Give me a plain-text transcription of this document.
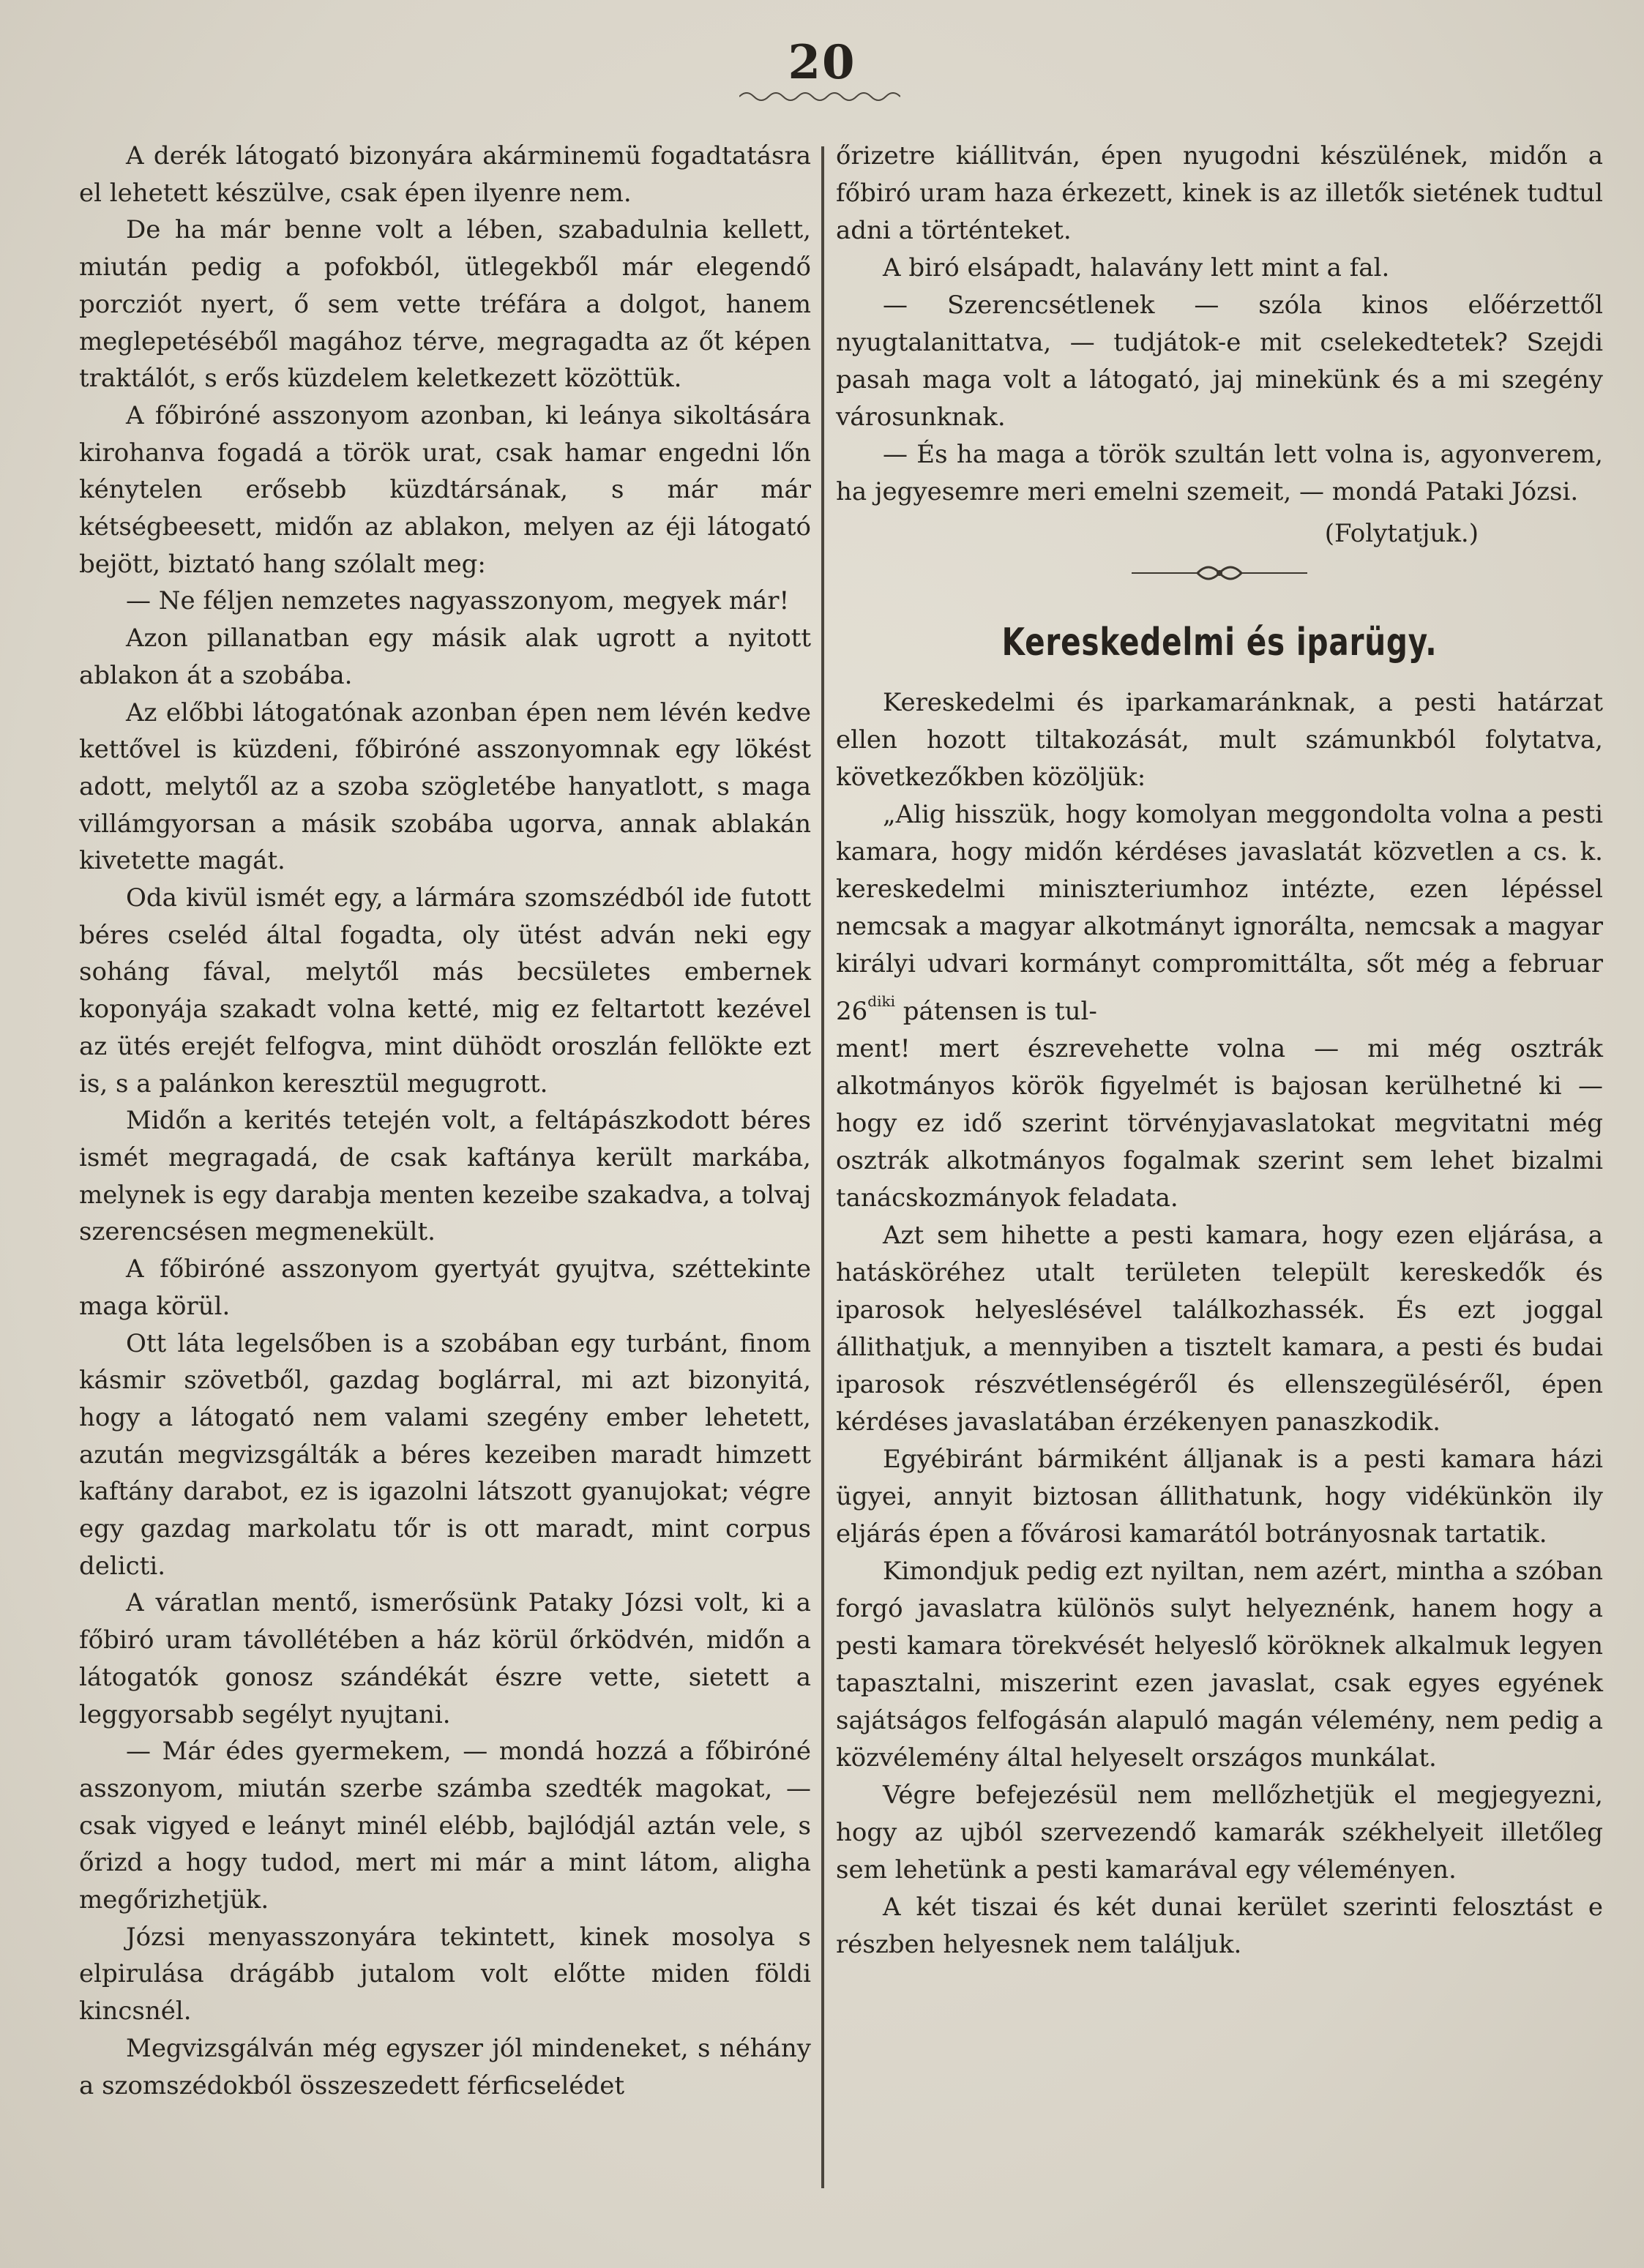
20

A derék látogató bizonyára akárminemü fogadtatásra el lehetett készülve, csak épen ilyenre nem.

De ha már benne volt a lében, szabadulnia kellett, miután pedig a pofokból, ütlegekből már elegendő porcziót nyert, ő sem vette tréfára a dolgot, hanem meglepetéséből magához térve, megragadta az őt képen traktálót, s erős küzdelem keletkezett közöttük.

A főbiróné asszonyom azonban, ki leánya sikoltására kirohanva fogadá a török urat, csak hamar engedni lőn kénytelen erősebb küzdtársának, s már már kétségbeesett, midőn az ablakon, melyen az éji látogató bejött, biztató hang szólalt meg:

— Ne féljen nemzetes nagyasszonyom, megyek már!

Azon pillanatban egy másik alak ugrott a nyitott ablakon át a szobába.

Az előbbi látogatónak azonban épen nem lévén kedve kettővel is küzdeni, főbiróné asszonyomnak egy lökést adott, melytől az a szoba szögletébe hanyatlott, s maga villámgyorsan a másik szobába ugorva, annak ablakán kivetette magát.

Oda kivül ismét egy, a lármára szomszédból ide futott béres cseléd által fogadta, oly ütést adván neki egy soháng fával, melytől más becsületes embernek koponyája szakadt volna ketté, mig ez feltartott kezével az ütés erejét felfogva, mint dühödt oroszlán fellökte ezt is, s a palánkon keresztül megugrott.

Midőn a kerités tetején volt, a feltápászkodott béres ismét megragadá, de csak kaftánya került markába, melynek is egy darabja menten kezeibe szakadva, a tolvaj szerencsésen megmenekült.

A főbiróné asszonyom gyertyát gyujtva, széttekinte maga körül.

Ott láta legelsőben is a szobában egy turbánt, finom kásmir szövetből, gazdag boglárral, mi azt bizonyitá, hogy a látogató nem valami szegény ember lehetett, azután megvizsgálták a béres kezeiben maradt himzett kaftány darabot, ez is igazolni látszott gyanujokat; végre egy gazdag markolatu tőr is ott maradt, mint corpus delicti.

A váratlan mentő, ismerősünk Pataky Józsi volt, ki a főbiró uram távollétében a ház körül őrködvén, midőn a látogatók gonosz szándékát észre vette, sietett a leggyorsabb segélyt nyujtani.

— Már édes gyermekem, — mondá hozzá a főbiróné asszonyom, miután szerbe számba szedték magokat, — csak vigyed e leányt minél elébb, bajlódjál aztán vele, s őrizd a hogy tudod, mert mi már a mint látom, aligha megőrizhetjük.

Józsi menyasszonyára tekintett, kinek mosolya s elpirulása drágább jutalom volt előtte miden földi kincsnél.

Megvizsgálván még egyszer jól mindeneket, s néhány a szomszédokból összeszedett férficselédet

őrizetre kiállitván, épen nyugodni készülének, midőn a főbiró uram haza érkezett, kinek is az illetők sietének tudtul adni a történteket.

A biró elsápadt, halavány lett mint a fal.

— Szerencsétlenek — szóla kinos előérzettől nyugtalanittatva, — tudjátok-e mit cselekedtetek? Szejdi pasah maga volt a látogató, jaj minekünk és a mi szegény városunknak.

— És ha maga a török szultán lett volna is, agyonverem, ha jegyesemre meri emelni szemeit, — mondá Pataki Józsi.

(Folytatjuk.)

Kereskedelmi és iparügy.

Kereskedelmi és iparkamaránknak, a pesti határzat ellen hozott tiltakozását, mult számunkból folytatva, következőkben közöljük:

„Alig hisszük, hogy komolyan meggondolta volna a pesti kamara, hogy midőn kérdéses javaslatát közvetlen a cs. k. kereskedelmi miniszteriumhoz intézte, ezen lépéssel nemcsak a magyar alkotmányt ignorálta, nemcsak a magyar királyi udvari kormányt compromittálta, sőt még a februar $26^{diki}$ pátensen is tul-

ment! mert észrevehette volna — mi még osztrák alkotmányos körök figyelmét is bajosan kerülhetné ki — hogy ez idő szerint törvényjavaslatokat megvitatni még osztrák alkotmányos fogalmak szerint sem lehet bizalmi tanácskozmányok feladata.

Azt sem hihette a pesti kamara, hogy ezen eljárása, a hatásköréhez utalt területen települt kereskedők és iparosok helyeslésével találkozhassék. És ezt joggal állithatjuk, a mennyiben a tisztelt kamara, a pesti és budai iparosok részvétlenségéről és ellenszegüléséről, épen kérdéses javaslatában érzékenyen panaszkodik.

Egyébiránt bármiként álljanak is a pesti kamara házi ügyei, annyit biztosan állithatunk, hogy vidékünkön ily eljárás épen a fővárosi kamarától botrányosnak tartatik.

Kimondjuk pedig ezt nyiltan, nem azért, mintha a szóban forgó javaslatra különös sulyt helyeznénk, hanem hogy a pesti kamara törekvését helyeslő köröknek alkalmuk legyen tapasztalni, miszerint ezen javaslat, csak egyes egyének sajátságos felfogásán alapuló magán vélemény, nem pedig a közvélemény által helyeselt országos munkálat.

Végre befejezésül nem mellőzhetjük el megjegyezni, hogy az ujból szervezendő kamarák székhelyeit illetőleg sem lehetünk a pesti kamarával egy véleményen.

A két tiszai és két dunai kerület szerinti felosztást e részben helyesnek nem találjuk.
